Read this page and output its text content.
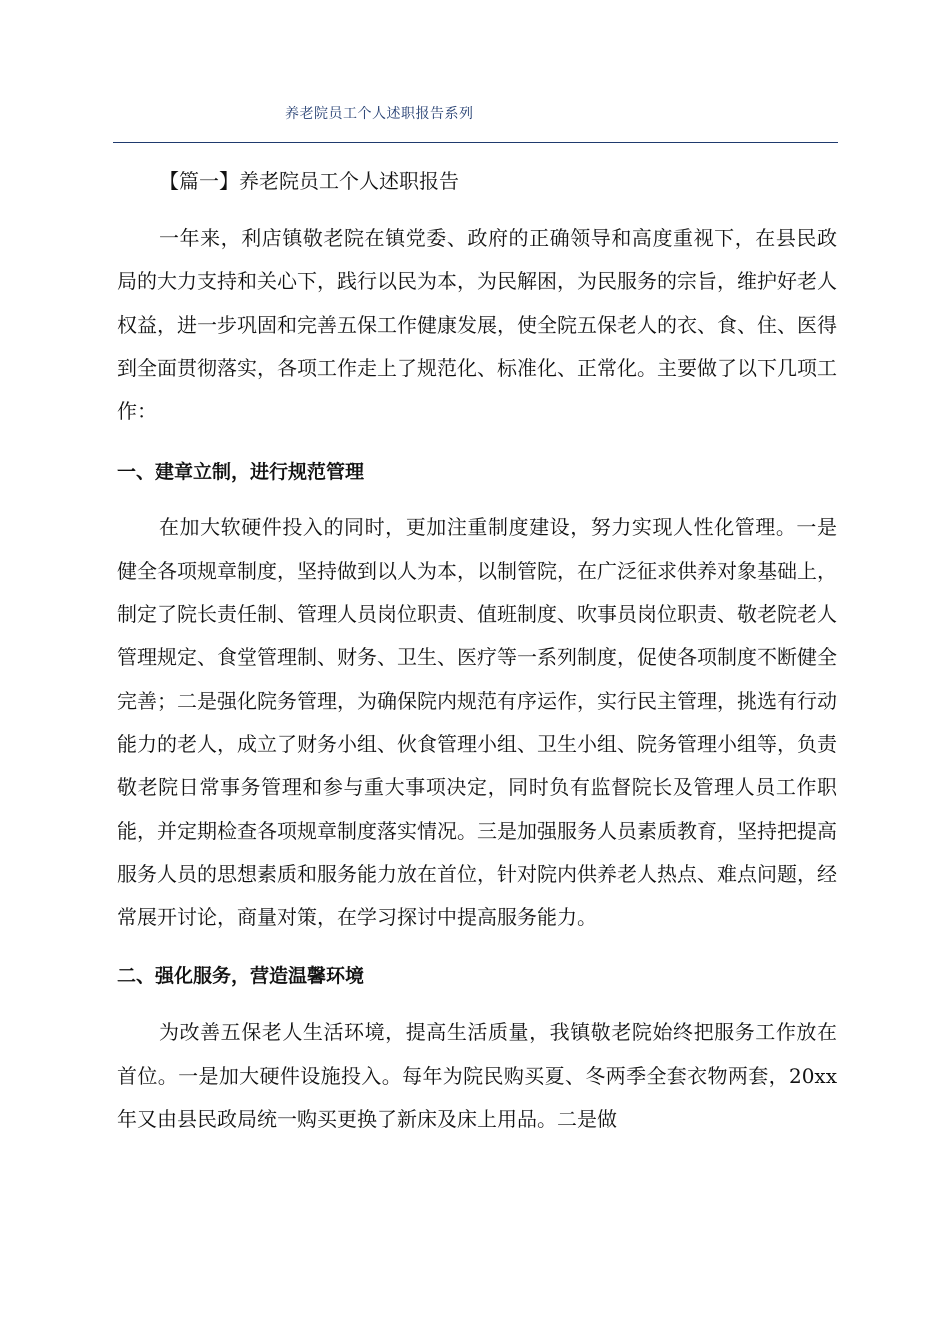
养老院员工个人述职报告系列
【篇一】养老院员工个人述职报告

一年来，利店镇敬老院在镇党委、政府的正确领导和高度重视下，在县民政局的大力支持和关心下，践行以民为本，为民解困，为民服务的宗旨，维护好老人权益，进一步巩固和完善五保工作健康发展，使全院五保老人的衣、食、住、医得到全面贯彻落实，各项工作走上了规范化、标准化、正常化。主要做了以下几项工作：

一、建章立制，进行规范管理

在加大软硬件投入的同时，更加注重制度建设，努力实现人性化管理。一是健全各项规章制度，坚持做到以人为本，以制管院，在广泛征求供养对象基础上，制定了院长责任制、管理人员岗位职责、值班制度、吹事员岗位职责、敬老院老人管理规定、食堂管理制、财务、卫生、医疗等一系列制度，促使各项制度不断健全完善；二是强化院务管理，为确保院内规范有序运作，实行民主管理，挑选有行动能力的老人，成立了财务小组、伙食管理小组、卫生小组、院务管理小组等，负责敬老院日常事务管理和参与重大事项决定，同时负有监督院长及管理人员工作职能，并定期检查各项规章制度落实情况。三是加强服务人员素质教育，坚持把提高服务人员的思想素质和服务能力放在首位，针对院内供养老人热点、难点问题，经常展开讨论，商量对策，在学习探讨中提高服务能力。

二、强化服务，营造温馨环境

为改善五保老人生活环境，提高生活质量，我镇敬老院始终把服务工作放在首位。一是加大硬件设施投入。每年为院民购买夏、冬两季全套衣物两套，20xx 年又由县民政局统一购买更换了新床及床上用品。二是做
